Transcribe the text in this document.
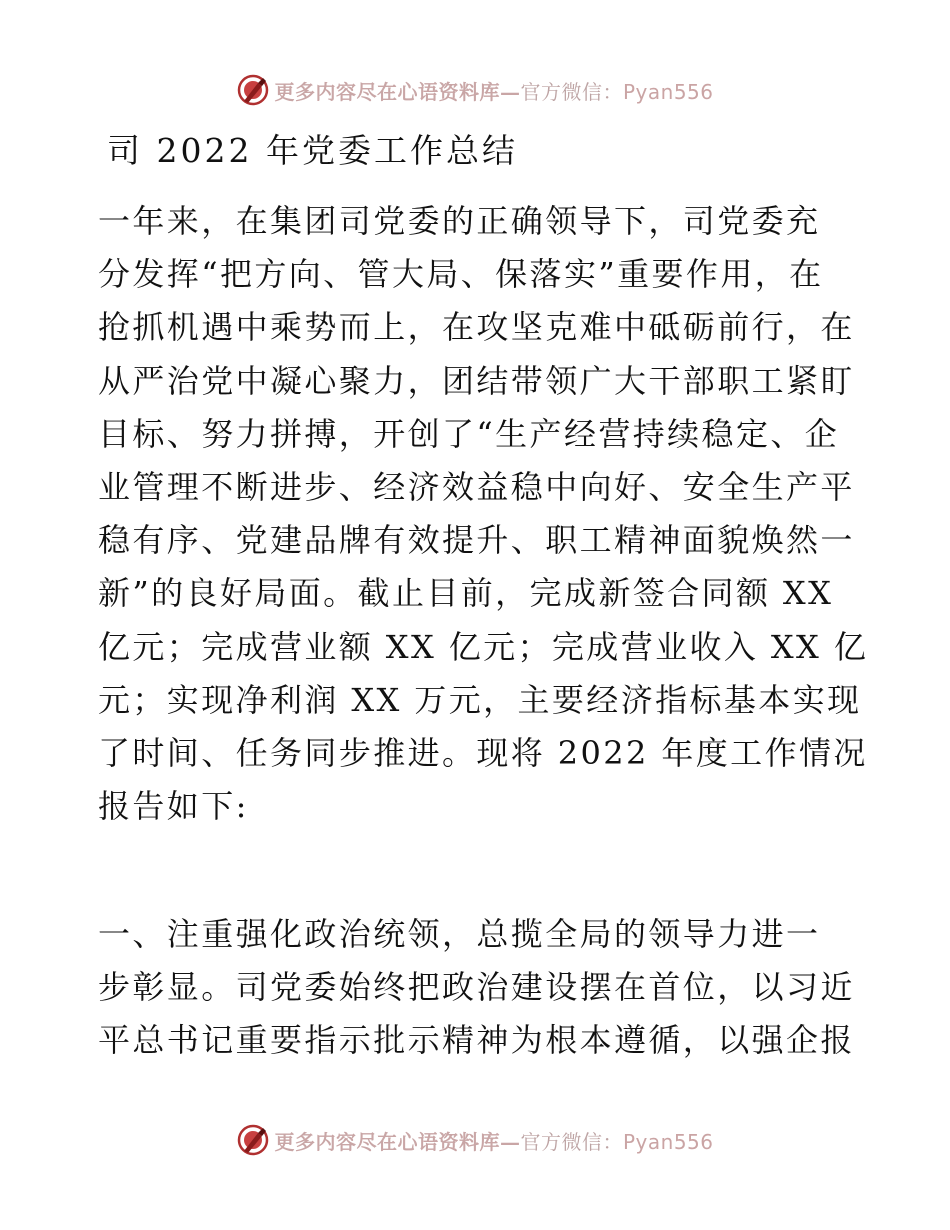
更多内容尽在心语资料库—官方微信：Pyan556
司 2022 年党委工作总结
一年来，在集团司党委的正确领导下，司党委充
分发挥“把方向、管大局、保落实”重要作用，在
抢抓机遇中乘势而上，在攻坚克难中砥砺前行，在
从严治党中凝心聚力，团结带领广大干部职工紧盯
目标、努力拼搏，开创了“生产经营持续稳定、企
业管理不断进步、经济效益稳中向好、安全生产平
稳有序、党建品牌有效提升、职工精神面貌焕然一
新”的良好局面。截止目前，完成新签合同额 XX
亿元；完成营业额 XX 亿元；完成营业收入 XX 亿
元；实现净利润 XX 万元，主要经济指标基本实现
了时间、任务同步推进。现将 2022 年度工作情况
报告如下:
一、注重强化政治统领，总揽全局的领导力进一
步彰显。司党委始终把政治建设摆在首位，以习近
平总书记重要指示批示精神为根本遵循，以强企报
更多内容尽在心语资料库—官方微信：Pyan556
